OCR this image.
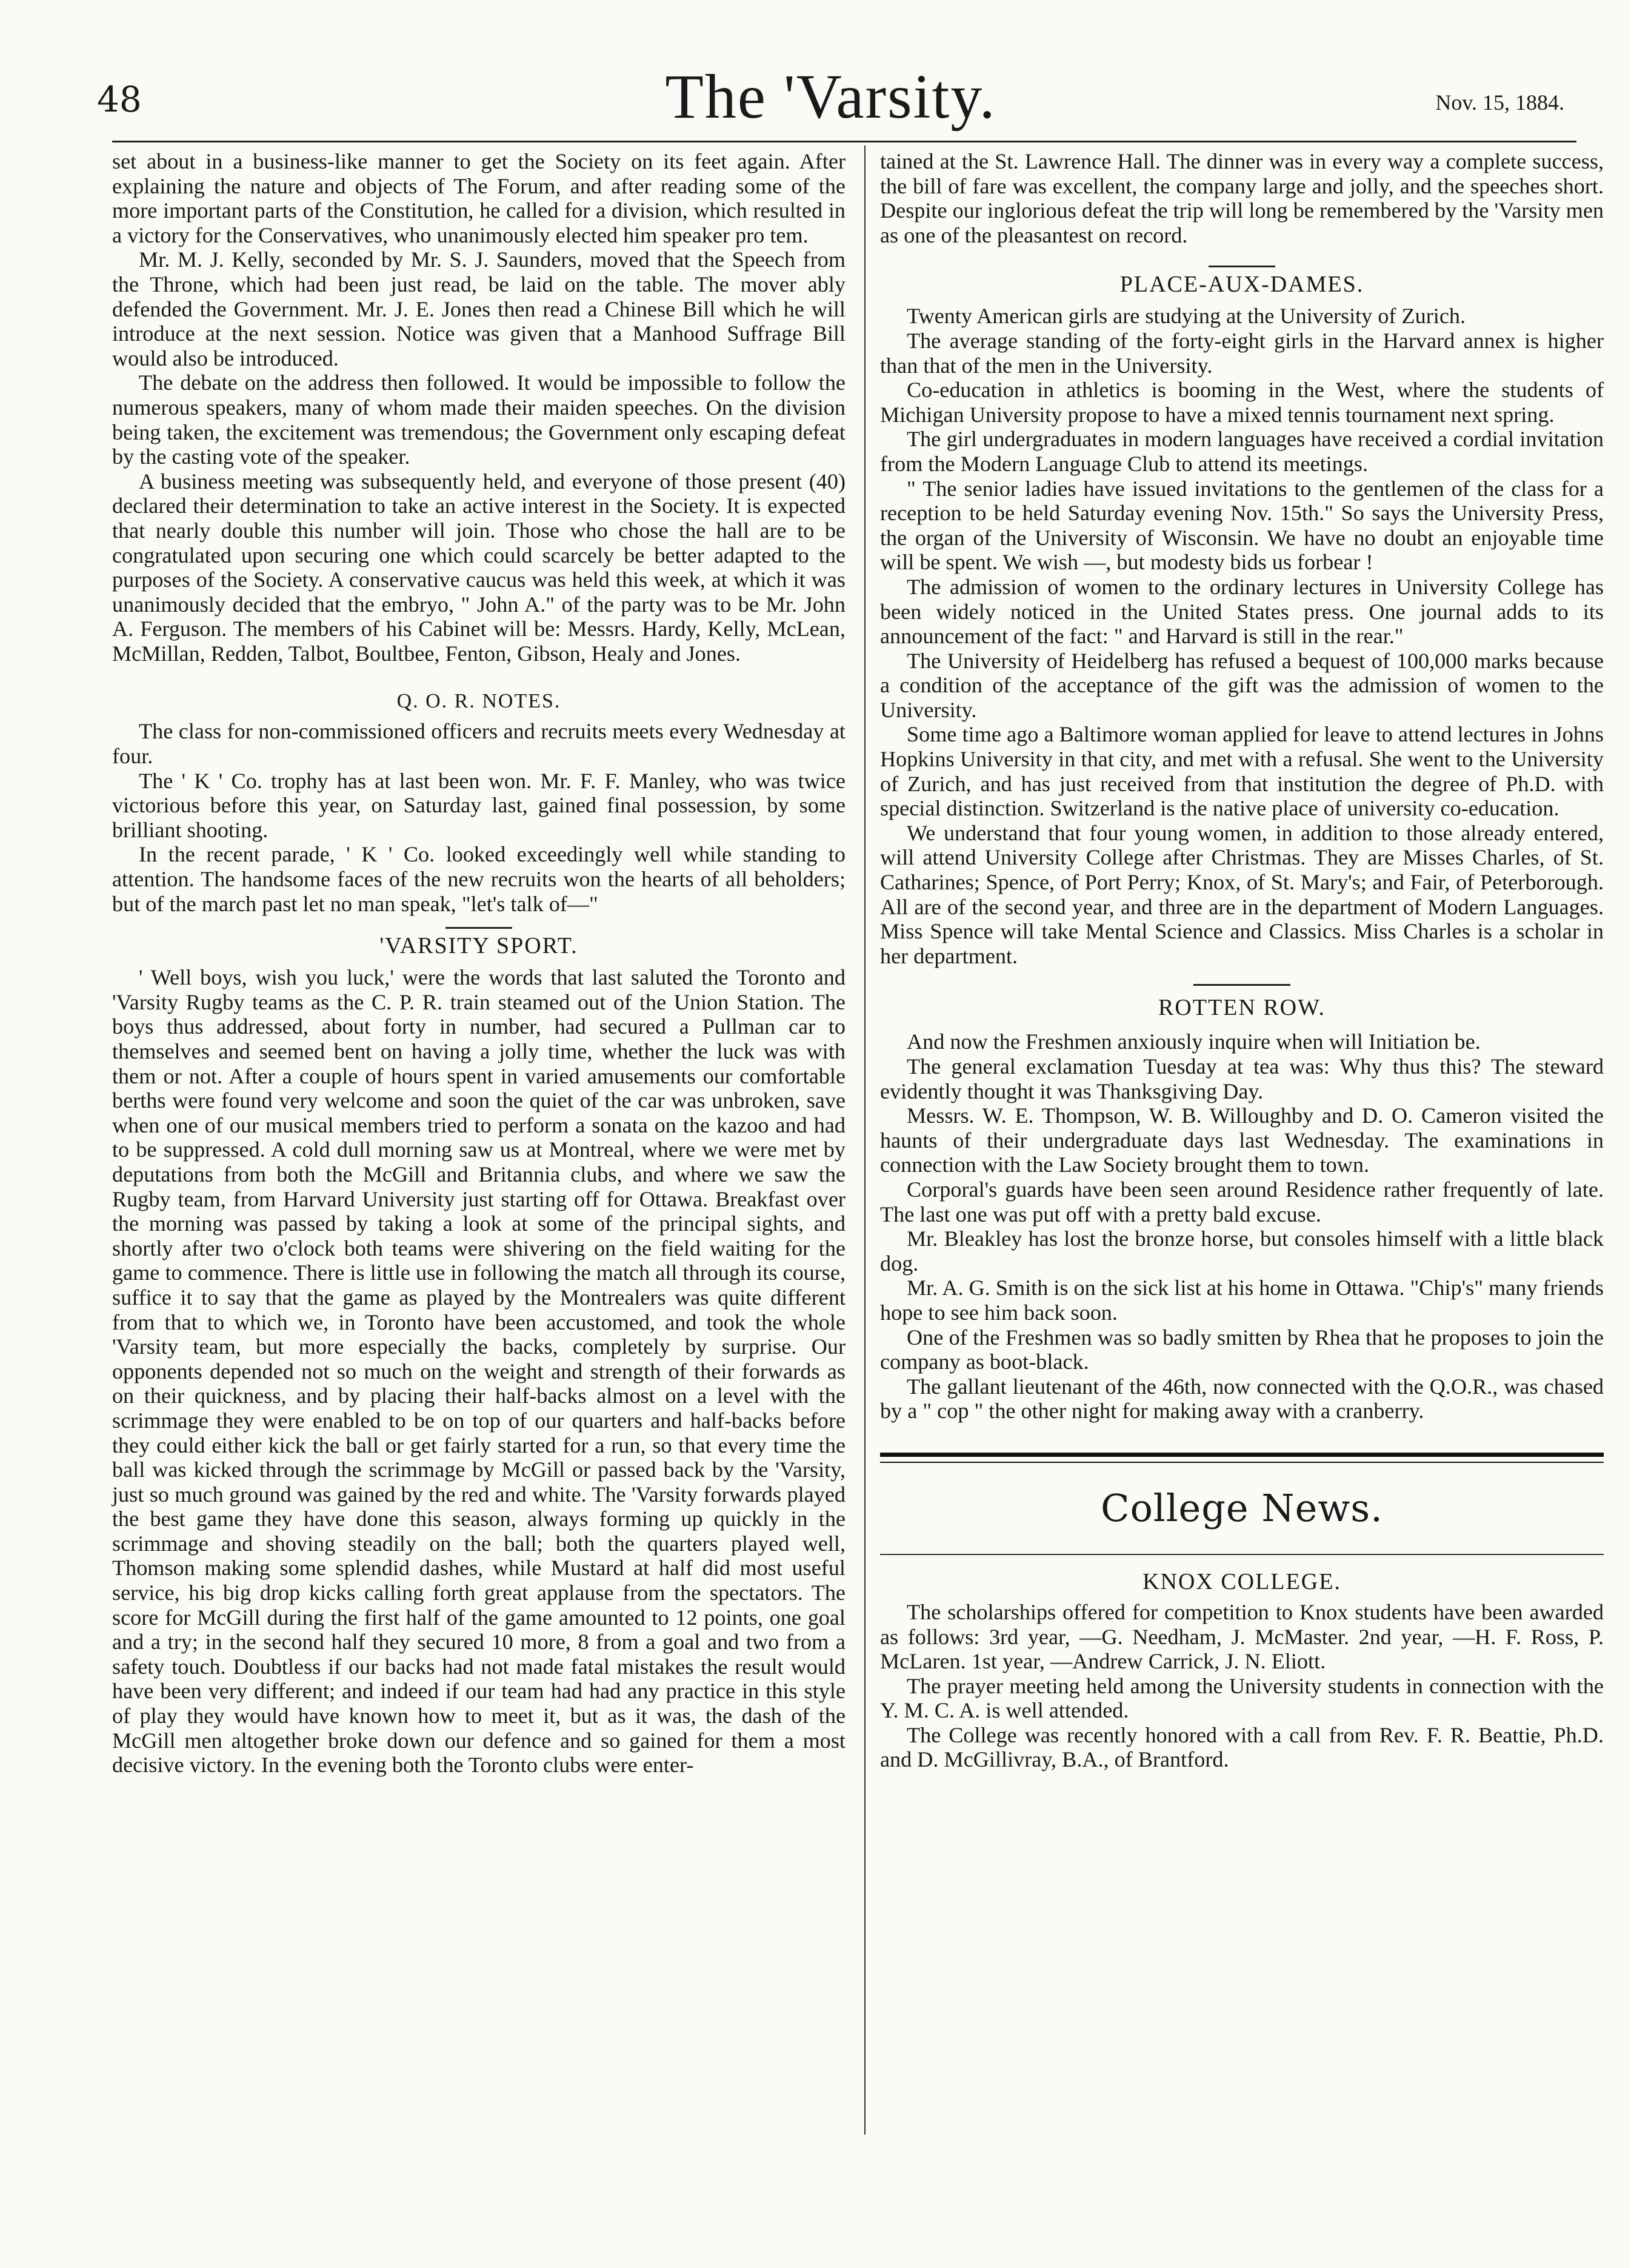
48	The 'Varsity.	Nov. 15, 1884.

set about in a business-like manner to get the Society on its feet again. After explaining the nature and objects of The Forum, and after reading some of the more important parts of the Constitution, he called for a division, which resulted in a victory for the Conservatives, who unanimously elected him speaker pro tem.

Mr. M. J. Kelly, seconded by Mr. S. J. Saunders, moved that the Speech from the Throne, which had been just read, be laid on the table. The mover ably defended the Government. Mr. J. E. Jones then read a Chinese Bill which he will introduce at the next session. Notice was given that a Manhood Suffrage Bill would also be introduced.

The debate on the address then followed. It would be impossible to follow the numerous speakers, many of whom made their maiden speeches. On the division being taken, the excitement was tremendous; the Government only escaping defeat by the casting vote of the speaker.

A business meeting was subsequently held, and everyone of those present (40) declared their determination to take an active interest in the Society. It is expected that nearly double this number will join. Those who chose the hall are to be congratulated upon securing one which could scarcely be better adapted to the purposes of the Society. A conservative caucus was held this week, at which it was unanimously decided that the embryo, " John A." of the party was to be Mr. John A. Ferguson. The members of his Cabinet will be: Messrs. Hardy, Kelly, McLean, McMillan, Redden, Talbot, Boultbee, Fenton, Gibson, Healy and Jones.

Q. O. R. NOTES.

The class for non-commissioned officers and recruits meets every Wednesday at four.

The ' K ' Co. trophy has at last been won. Mr. F. F. Manley, who was twice victorious before this year, on Saturday last, gained final possession, by some brilliant shooting.

In the recent parade, ' K ' Co. looked exceedingly well while standing to attention. The handsome faces of the new recruits won the hearts of all beholders; but of the march past let no man speak, "let's talk of—"

'VARSITY SPORT.

' Well boys, wish you luck,' were the words that last saluted the Toronto and 'Varsity Rugby teams as the C. P. R. train steamed out of the Union Station. The boys thus addressed, about forty in number, had secured a Pullman car to themselves and seemed bent on having a jolly time, whether the luck was with them or not. After a couple of hours spent in varied amusements our comfortable berths were found very welcome and soon the quiet of the car was unbroken, save when one of our musical members tried to perform a sonata on the kazoo and had to be suppressed. A cold dull morning saw us at Montreal, where we were met by deputations from both the McGill and Britannia clubs, and where we saw the Rugby team, from Harvard University just starting off for Ottawa. Breakfast over the morning was passed by taking a look at some of the principal sights, and shortly after two o'clock both teams were shivering on the field waiting for the game to commence. There is little use in following the match all through its course, suffice it to say that the game as played by the Montrealers was quite different from that to which we, in Toronto have been accustomed, and took the whole 'Varsity team, but more especially the backs, completely by surprise. Our opponents depended not so much on the weight and strength of their forwards as on their quickness, and by placing their half-backs almost on a level with the scrimmage they were enabled to be on top of our quarters and half-backs before they could either kick the ball or get fairly started for a run, so that every time the ball was kicked through the scrimmage by McGill or passed back by the 'Varsity, just so much ground was gained by the red and white. The 'Varsity forwards played the best game they have done this season, always forming up quickly in the scrimmage and shoving steadily on the ball; both the quarters played well, Thomson making some splendid dashes, while Mustard at half did most useful service, his big drop kicks calling forth great applause from the spectators. The score for McGill during the first half of the game amounted to 12 points, one goal and a try; in the second half they secured 10 more, 8 from a goal and two from a safety touch. Doubtless if our backs had not made fatal mistakes the result would have been very different; and indeed if our team had had any practice in this style of play they would have known how to meet it, but as it was, the dash of the McGill men altogether broke down our defence and so gained for them a most decisive victory. In the evening both the Toronto clubs were enter-

tained at the St. Lawrence Hall. The dinner was in every way a complete success, the bill of fare was excellent, the company large and jolly, and the speeches short. Despite our inglorious defeat the trip will long be remembered by the 'Varsity men as one of the pleasantest on record.

PLACE-AUX-DAMES.

Twenty American girls are studying at the University of Zurich.

The average standing of the forty-eight girls in the Harvard annex is higher than that of the men in the University.

Co-education in athletics is booming in the West, where the students of Michigan University propose to have a mixed tennis tournament next spring.

The girl undergraduates in modern languages have received a cordial invitation from the Modern Language Club to attend its meetings.

" The senior ladies have issued invitations to the gentlemen of the class for a reception to be held Saturday evening Nov. 15th." So says the University Press, the organ of the University of Wisconsin. We have no doubt an enjoyable time will be spent. We wish —, but modesty bids us forbear !

The admission of women to the ordinary lectures in University College has been widely noticed in the United States press. One journal adds to its announcement of the fact: " and Harvard is still in the rear."

The University of Heidelberg has refused a bequest of 100,000 marks because a condition of the acceptance of the gift was the admission of women to the University.

Some time ago a Baltimore woman applied for leave to attend lectures in Johns Hopkins University in that city, and met with a refusal. She went to the University of Zurich, and has just received from that institution the degree of Ph.D. with special distinction. Switzerland is the native place of university co-education.

We understand that four young women, in addition to those already entered, will attend University College after Christmas. They are Misses Charles, of St. Catharines; Spence, of Port Perry; Knox, of St. Mary's; and Fair, of Peterborough. All are of the second year, and three are in the department of Modern Languages. Miss Spence will take Mental Science and Classics. Miss Charles is a scholar in her department.

ROTTEN ROW.

And now the Freshmen anxiously inquire when will Initiation be.

The general exclamation Tuesday at tea was: Why thus this? The steward evidently thought it was Thanksgiving Day.

Messrs. W. E. Thompson, W. B. Willoughby and D. O. Cameron visited the haunts of their undergraduate days last Wednesday. The examinations in connection with the Law Society brought them to town.

Corporal's guards have been seen around Residence rather frequently of late. The last one was put off with a pretty bald excuse.

Mr. Bleakley has lost the bronze horse, but consoles himself with a little black dog.

Mr. A. G. Smith is on the sick list at his home in Ottawa. "Chip's" many friends hope to see him back soon.

One of the Freshmen was so badly smitten by Rhea that he proposes to join the company as boot-black.

The gallant lieutenant of the 46th, now connected with the Q.O.R., was chased by a " cop " the other night for making away with a cranberry.

College News.
KNOX COLLEGE.

The scholarships offered for competition to Knox students have been awarded as follows: 3rd year, —G. Needham, J. McMaster. 2nd year, —H. F. Ross, P. McLaren. 1st year, —Andrew Carrick, J. N. Eliott.

The prayer meeting held among the University students in connection with the Y. M. C. A. is well attended.

The College was recently honored with a call from Rev. F. R. Beattie, Ph.D. and D. McGillivray, B.A., of Brantford.
